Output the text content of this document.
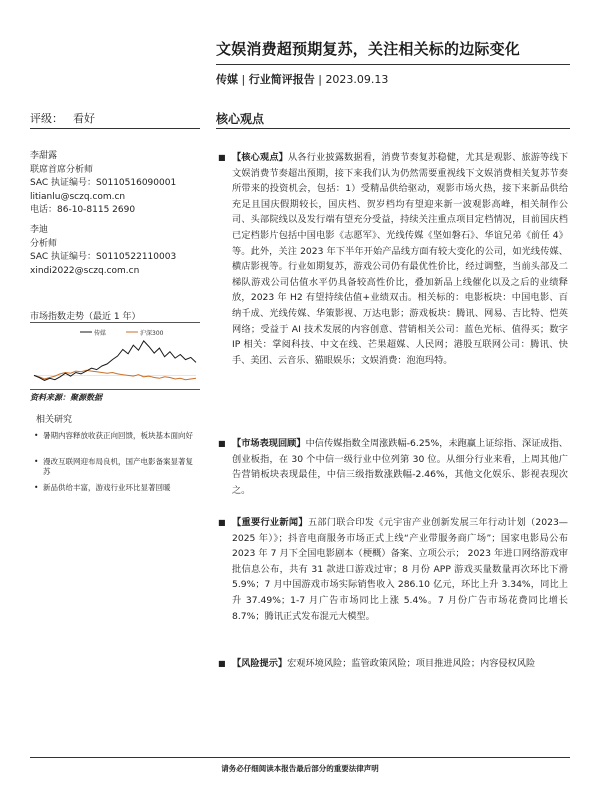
文娱消费超预期复苏，关注相关标的边际变化
传媒 | 行业简评报告 | 2023.09.13
评级： 看好	核心观点
李甜露
联席首席分析师
SAC 执证编号：S0110516090001
litianlu@sczq.com.cn
电话：86-10-8115 2690
李迪
分析师
SAC 执证编号：S0110522110003
xindi2022@sczq.com.cn
市场指数走势（最近 1 年）
传媒	沪深300
资料来源：聚源数据
相关研究
• 暑期内容释放收获正向回馈，板块基本面向好
• 漫改互联网迎布局良机，国产电影备案显著复苏
• 新品供给丰富，游戏行业环比显著回暖
■ 【核心观点】从各行业披露数据看，消费节奏复苏稳健，尤其是观影、旅游等线下文娱消费节奏超出预期，接下来我们认为仍然需要重视线下文娱消费相关复苏节奏所带来的投资机会，包括：1）受精品供给驱动，观影市场火热，接下来新品供给充足且国庆假期较长，国庆档、贺岁档均有望迎来新一波观影高峰，相关制作公司、头部院线以及发行端有望充分受益，持续关注重点项目定档情况，目前国庆档已定档影片包括中国电影《志愿军》、光线传媒《坚如磐石》、华谊兄弟《前任 4》等。此外，关注 2023 年下半年开始产品线方面有较大变化的公司，如光线传媒、横店影视等。行业如期复苏，游戏公司仍有最优性价比，经过调整，当前头部及二梯队游戏公司估值水平仍具备较高性价比，叠加新品上线催化以及之后的业绩释放，2023 年 H2 有望持续估值+业绩双击。相关标的：电影板块：中国电影、百纳千成、光线传媒、华策影视、万达电影；游戏板块：腾讯、网易、吉比特、恺英网络；受益于 AI 技术发展的内容创意、营销相关公司：蓝色光标、值得买；数字 IP 相关：掌阅科技、中文在线、芒果超媒、人民网；港股互联网公司：腾讯、快手、美团、云音乐、猫眼娱乐；文娱消费：泡泡玛特。
■ 【市场表现回顾】中信传媒指数全周涨跌幅-6.25%，未跑赢上证综指、深证成指、创业板指，在 30 个中信一级行业中位列第 30 位。从细分行业来看，上周其他广告营销板块表现最佳，中信三级指数涨跌幅-2.46%，其他文化娱乐、影视表现次之。
■ 【重要行业新闻】五部门联合印发《元宇宙产业创新发展三年行动计划（2023—2025 年）》；抖音电商服务市场正式上线“产业带服务商广场”；国家电影局公布 2023 年 7 月下全国电影剧本（梗概）备案、立项公示； 2023 年进口网络游戏审批信息公布，共有 31 款进口游戏过审；8 月份 APP 游戏买量数量再次环比下滑 5.9%；7 月中国游戏市场实际销售收入 286.10 亿元，环比上升 3.34%，同比上升 37.49%；1-7 月广告市场同比上涨 5.4%。7 月份广告市场花费同比增长 8.7%；腾讯正式发布混元大模型。
■ 【风险提示】宏观环境风险；监管政策风险；项目推进风险；内容侵权风险
请务必仔细阅读本报告最后部分的重要法律声明
